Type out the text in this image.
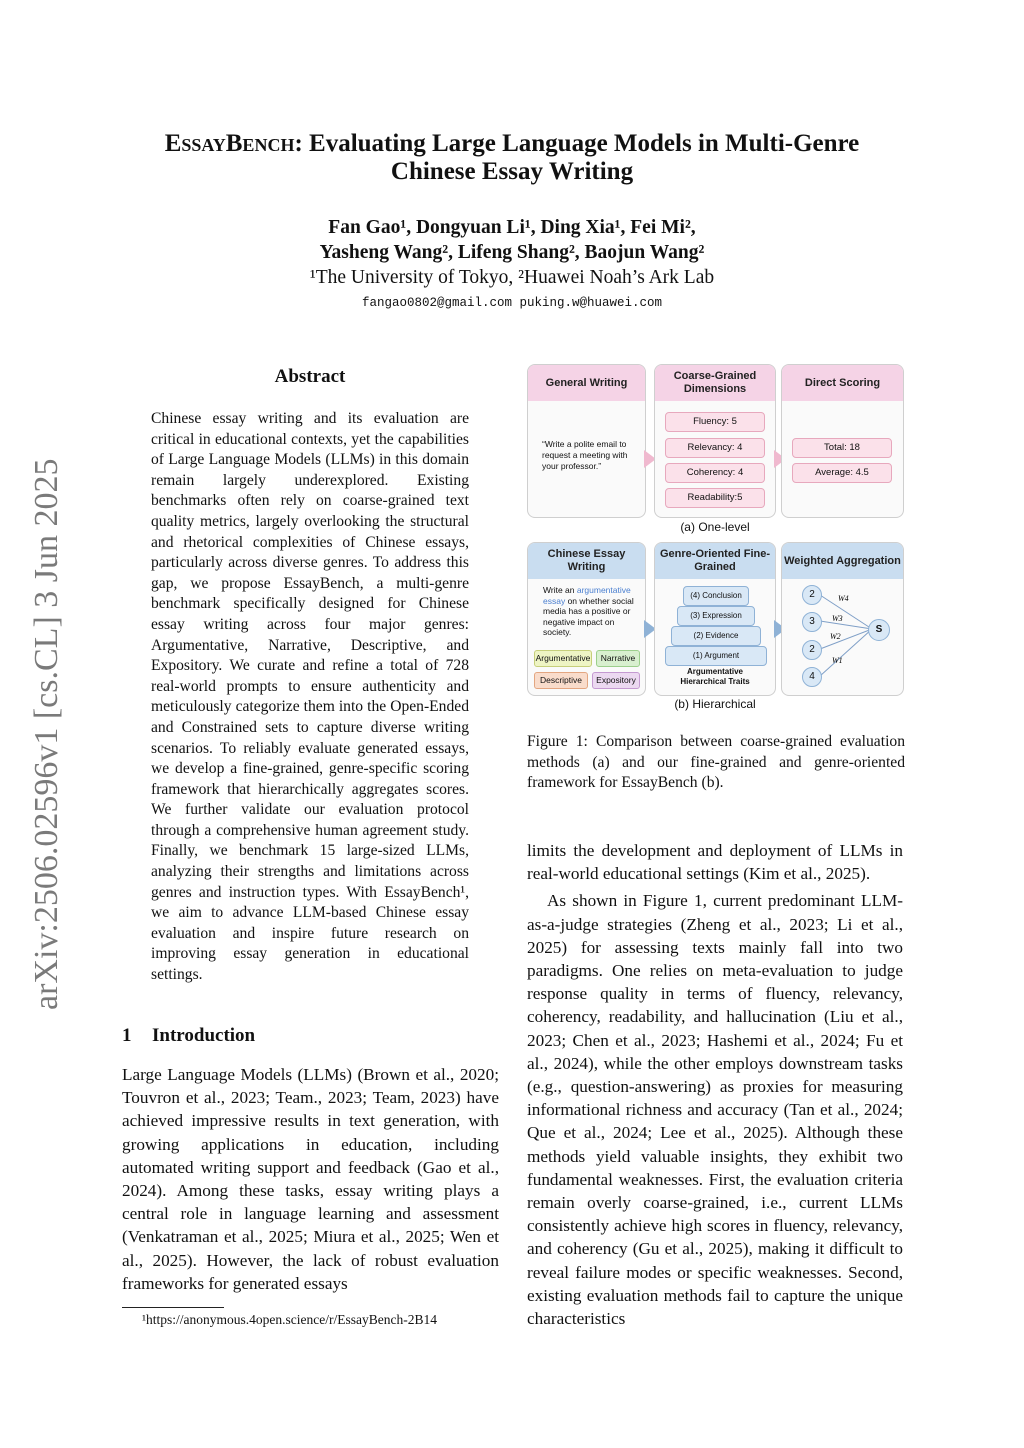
arXiv:2506.02596v1 [cs.CL] 3 Jun 2025
EssayBench: Evaluating Large Language Models in Multi-Genre
Chinese Essay Writing
Fan Gao¹, Dongyuan Li¹, Ding Xia¹, Fei Mi²,
Yasheng Wang², Lifeng Shang², Baojun Wang²
¹The University of Tokyo, ²Huawei Noah’s Ark Lab
fangao0802@gmail.com puking.w@huawei.com
Abstract
Chinese essay writing and its evaluation are critical in educational contexts, yet the capabilities of Large Language Models (LLMs) in this domain remain largely underexplored. Existing benchmarks often rely on coarse-grained text quality metrics, largely overlooking the structural and rhetorical complexities of Chinese essays, particularly across diverse genres. To address this gap, we propose EssayBench, a multi-genre benchmark specifically designed for Chinese essay writing across four major genres: Argumentative, Narrative, Descriptive, and Expository. We curate and refine a total of 728 real-world prompts to ensure authenticity and meticulously categorize them into the Open-Ended and Constrained sets to capture diverse writing scenarios. To reliably evaluate generated essays, we develop a fine-grained, genre-specific scoring framework that hierarchically aggregates scores. We further validate our evaluation protocol through a comprehensive human agreement study. Finally, we benchmark 15 large-sized LLMs, analyzing their strengths and limitations across genres and instruction types. With EssayBench¹, we aim to advance LLM-based Chinese essay evaluation and inspire future research on improving essay generation in educational settings.
1 Introduction
Large Language Models (LLMs) (Brown et al., 2020; Touvron et al., 2023; Team., 2023; Team, 2023) have achieved impressive results in text generation, with growing applications in education, including automated writing support and feedback (Gao et al., 2024). Among these tasks, essay writing plays a central role in language learning and assessment (Venkatraman et al., 2025; Miura et al., 2025; Wen et al., 2025). However, the lack of robust evaluation frameworks for generated essays
¹https://anonymous.4open.science/r/EssayBench-2B14
General Writing
“Write a polite email to request a meeting with your professor.”
Coarse-Grained Dimensions
Fluency: 5
Relevancy: 4
Coherency: 4
Readability:5
Direct Scoring
Total: 18
Average: 4.5
(a) One-level
Chinese Essay Writing
Write an argumentative essay on whether social media has a positive or negative impact on society.
Argumentative	Narrative
Descriptive	Expository
Genre-Oriented Fine-Grained
(4) Conclusion
(3) Expression
(2) Evidence
(1) Argument
Argumentative Hierarchical Traits
Weighted Aggregation
W4
W3
W2
W1
2
3
2
4
S
(b) Hierarchical
Figure 1: Comparison between coarse-grained evaluation methods (a) and our fine-grained and genre-oriented framework for EssayBench (b).

limits the development and deployment of LLMs in real-world educational settings (Kim et al., 2025).

As shown in Figure 1, current predominant LLM-as-a-judge strategies (Zheng et al., 2023; Li et al., 2025) for assessing texts mainly fall into two paradigms. One relies on meta-evaluation to judge response quality in terms of fluency, relevancy, coherency, readability, and hallucination (Liu et al., 2023; Chen et al., 2023; Hashemi et al., 2024; Fu et al., 2024), while the other employs downstream tasks (e.g., question-answering) as proxies for measuring informational richness and accuracy (Tan et al., 2024; Que et al., 2024; Lee et al., 2025). Although these methods yield valuable insights, they exhibit two fundamental weaknesses. First, the evaluation criteria remain overly coarse-grained, i.e., current LLMs consistently achieve high scores in fluency, relevancy, and coherency (Gu et al., 2025), making it difficult to reveal failure modes or specific weaknesses. Second, existing evaluation methods fail to capture the unique characteristics
